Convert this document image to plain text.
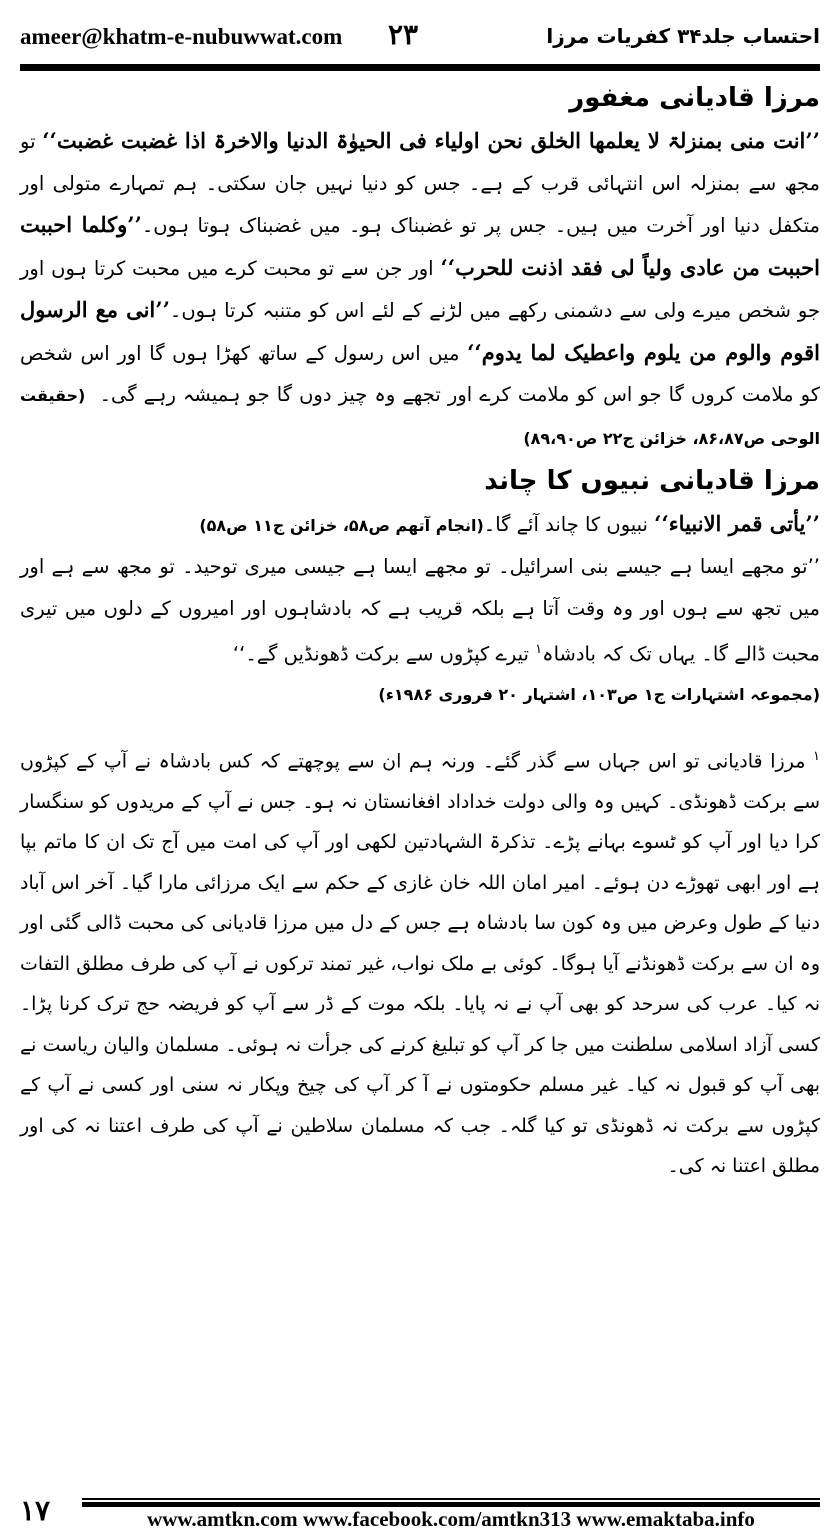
ameer@khatm-e-nubuwwat.com ۲۳	احتساب جلد۳۴ کفریات مرزا
مرزا قادیانی مغفور

’’انت منی بمنزلۃ لا یعلمھا الخلق نحن اولیاء فی الحیوٰۃ الدنیا والاخرۃ اذا غضبت غضبت‘‘ تو مجھ سے بمنزلہ اس انتہائی قرب کے ہے۔ جس کو دنیا نہیں جان سکتی۔ ہم تمہارے متولی اور متکفل دنیا اور آخرت میں ہیں۔ جس پر تو غضبناک ہو۔ میں غضبناک ہوتا ہوں۔’’وکلما احببت احببت من عادی ولیاً لی فقد اذنت للحرب‘‘ اور جن سے تو محبت کرے میں محبت کرتا ہوں اور جو شخص میرے ولی سے دشمنی رکھے میں لڑنے کے لئے اس کو متنبہ کرتا ہوں۔’’انی مع الرسول اقوم والوم من یلوم واعطیک لما یدوم‘‘ میں اس رسول کے ساتھ کھڑا ہوں گا اور اس شخص کو ملامت کروں گا جو اس کو ملامت کرے اور تجھے وہ چیز دوں گا جو ہمیشہ رہے گی۔  (حقیقت الوحی ص۸۶،۸۷، خزائن ج۲۲ ص۸۹،۹۰)

مرزا قادیانی نبیوں کا چاند

’’یأتی قمر الانبیاء‘‘ نبیوں کا چاند آئے گا۔(انجام آتھم ص۵۸، خزائن ج۱۱ ص۵۸)

’’تو مجھے ایسا ہے جیسے بنی اسرائیل۔ تو مجھے ایسا ہے جیسی میری توحید۔ تو مجھ سے ہے اور میں تجھ سے ہوں اور وہ وقت آتا ہے بلکہ قریب ہے کہ بادشاہوں اور امیروں کے دلوں میں تیری محبت ڈالے گا۔ یہاں تک کہ بادشاہ$^۱$ تیرے کپڑوں سے برکت ڈھونڈیں گے۔‘‘

(مجموعہ اشتہارات ج۱ ص۱۰۳، اشتہار ۲۰ فروری ۱۹۸۶ء)

$^۱$ مرزا قادیانی تو اس جہاں سے گذر گئے۔ ورنہ ہم ان سے پوچھتے کہ کس بادشاہ نے آپ کے کپڑوں سے برکت ڈھونڈی۔ کہیں وہ والی دولت خداداد افغانستان نہ ہو۔ جس نے آپ کے مریدوں کو سنگسار کرا دیا اور آپ کو ٹسوے بہانے پڑے۔ تذکرۃ الشہادتین لکھی اور آپ کی امت میں آج تک ان کا ماتم بپا ہے اور ابھی تھوڑے دن ہوئے۔ امیر امان اللہ خان غازی کے حکم سے ایک مرزائی مارا گیا۔ آخر اس آباد دنیا کے طول وعرض میں وہ کون سا بادشاہ ہے جس کے دل میں مرزا قادیانی کی محبت ڈالی گئی اور وہ ان سے برکت ڈھونڈنے آیا ہوگا۔ کوئی بے ملک نواب، غیر تمند ترکوں نے آپ کی طرف مطلق التفات نہ کیا۔ عرب کی سرحد کو بھی آپ نے نہ پایا۔ بلکہ موت کے ڈر سے آپ کو فریضہ حج ترک کرنا پڑا۔ کسی آزاد اسلامی سلطنت میں جا کر آپ کو تبلیغ کرنے کی جرأت نہ ہوئی۔ مسلمان والیان ریاست نے بھی آپ کو قبول نہ کیا۔ غیر مسلم حکومتوں نے آ کر آپ کی چیخ وپکار نہ سنی اور کسی نے آپ کے کپڑوں سے برکت نہ ڈھونڈی تو کیا گلہ۔ جب کہ مسلمان سلاطین نے آپ کی طرف اعتنا نہ کی اور مطلق اعتنا نہ کی۔

۱۷	www.amtkn.com www.facebook.com/amtkn313 www.emaktaba.info
